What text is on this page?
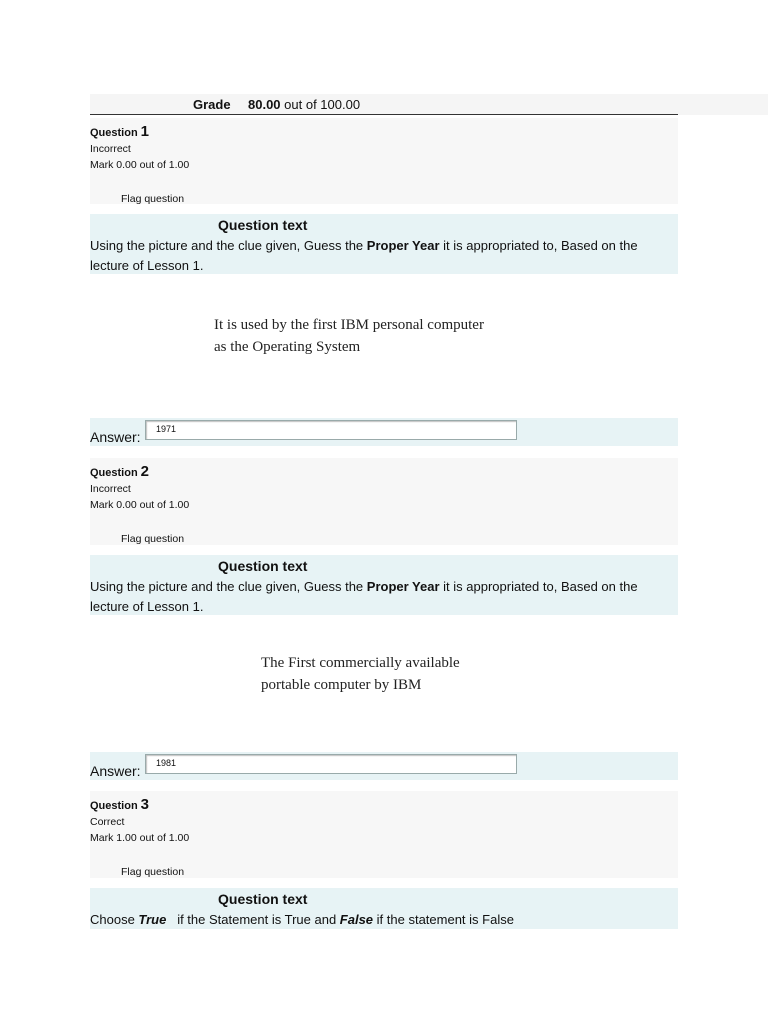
Grade 80.00 out of 100.00
Question 1
Incorrect
Mark 0.00 out of 1.00
Flag question
Question text
Using the picture and the clue given, Guess the Proper Year it is appropriated to, Based on the lecture of Lesson 1.
It is used by the first IBM personal computer
as the Operating System
Answer: 1971
Question 2
Incorrect
Mark 0.00 out of 1.00
Flag question
Question text
Using the picture and the clue given, Guess the Proper Year it is appropriated to, Based on the lecture of Lesson 1.
The First commercially available
portable computer by IBM
Answer: 1981
Question 3
Correct
Mark 1.00 out of 1.00
Flag question
Question text
Choose True   if the Statement is True and False if the statement is False
